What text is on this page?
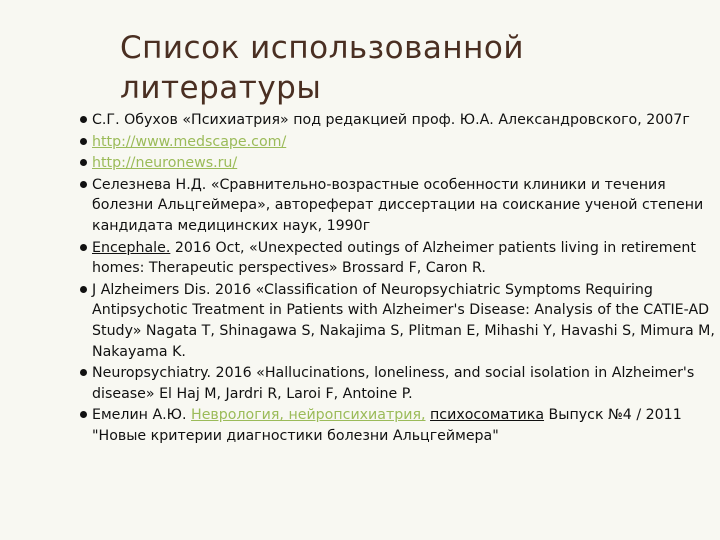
Список использованной литературы
С.Г. Обухов «Психиатрия» под редакцией проф. Ю.А. Александровского, 2007г
http://www.medscape.com/
http://neuronews.ru/
Селезнева Н.Д. «Сравнительно-возрастные особенности клиники и течения болезни Альцгеймера», автореферат диссертации на соискание ученой степени кандидата медицинских наук, 1990г
Encephale. 2016 Oct, «Unexpected outings of Alzheimer patients living in retirement homes: Therapeutic perspectives» Brossard F, Caron R.
J Alzheimers Dis. 2016 «Classification of Neuropsychiatric Symptoms Requiring Antipsychotic Treatment in Patients with Alzheimer's Disease: Analysis of the CATIE-AD Study» Nagata T, Shinagawa S, Nakajima S, Plitman E, Mihashi Y, Havashi S, Mimura M, Nakayama K.
Neuropsychiatry. 2016 «Hallucinations, loneliness, and social isolation in Alzheimer's disease» El Haj M, Jardri R, Laroi F, Antoine P.
Емелин А.Ю. Неврология, нейропсихиатрия, психосоматика Выпуск №4 / 2011 "Новые критерии диагностики болезни Альцгеймера"
